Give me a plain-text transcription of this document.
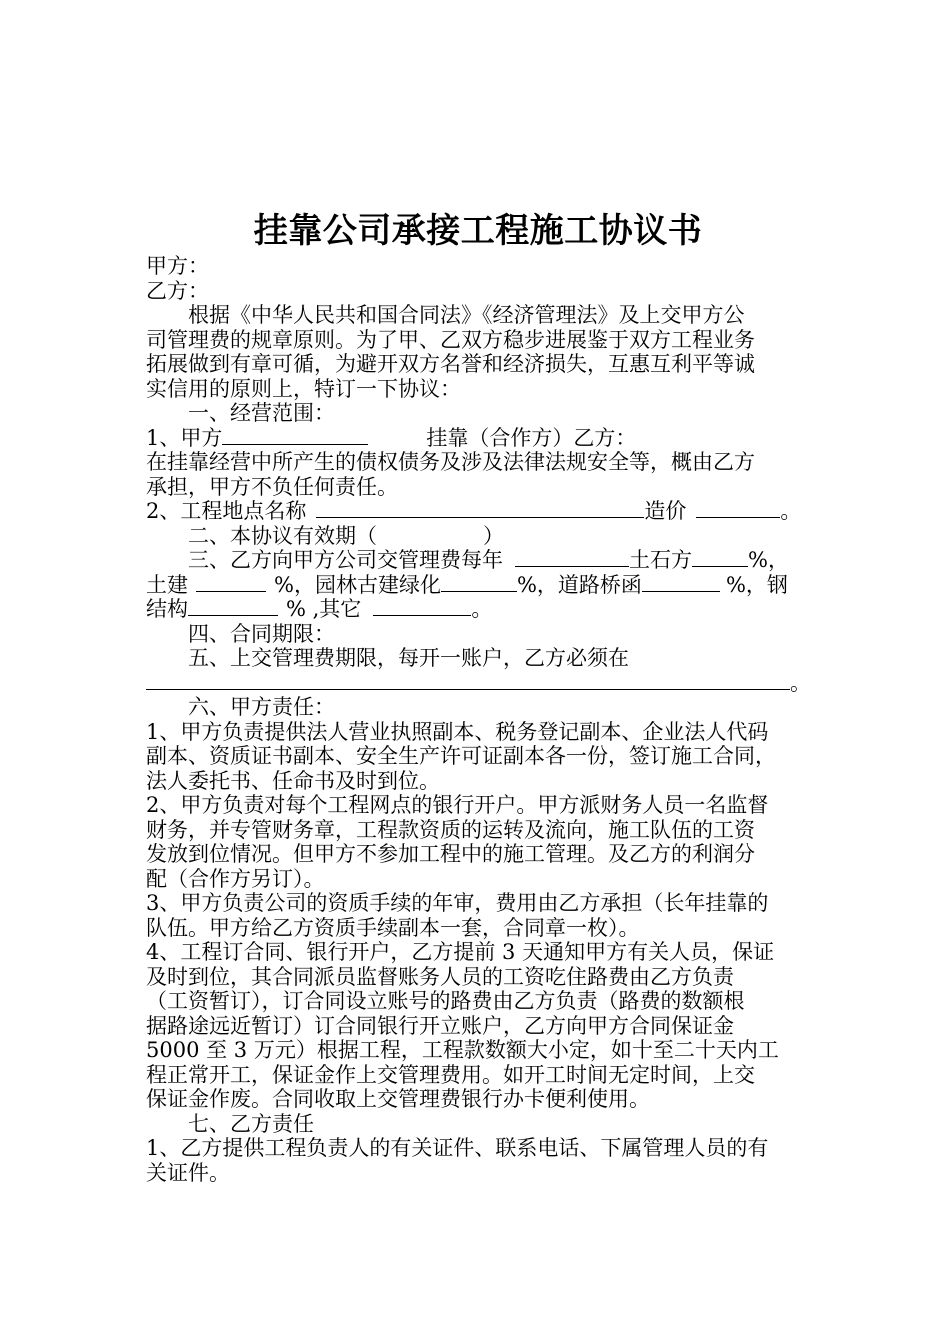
挂靠公司承接工程施工协议书
甲方：
乙方：
根据《中华人民共和国合同法》《经济管理法》及上交甲方公
司管理费的规章原则。为了甲、乙双方稳步进展鉴于双方工程业务
拓展做到有章可循，为避开双方名誉和经济损失，互惠互利平等诚
实信用的原则上，特订一下协议：
一、经营范围：
1、甲方	挂靠（合作方）乙方：
在挂靠经营中所产生的债权债务及涉及法律法规安全等，概由乙方
承担，甲方不负任何责任。
2、工程地点名称	造价	。
二、本协议有效期（	）
三、乙方向甲方公司交管理费每年	土石方	%，
土建	%，园林古建绿化	%，道路桥函	%，钢
结构	% ,其它	。
四、合同期限：
五、上交管理费期限，每开一账户，乙方必须在
。
六、甲方责任：
1、甲方负责提供法人营业执照副本、税务登记副本、企业法人代码
副本、资质证书副本、安全生产许可证副本各一份，签订施工合同，
法人委托书、任命书及时到位。
2、甲方负责对每个工程网点的银行开户。甲方派财务人员一名监督
财务，并专管财务章，工程款资质的运转及流向，施工队伍的工资
发放到位情况。但甲方不参加工程中的施工管理。及乙方的利润分
配（合作方另订）。
3、甲方负责公司的资质手续的年审，费用由乙方承担（长年挂靠的
队伍。甲方给乙方资质手续副本一套，合同章一枚）。
4、工程订合同、银行开户，乙方提前 3 天通知甲方有关人员，保证
及时到位，其合同派员监督账务人员的工资吃住路费由乙方负责
（工资暂订），订合同设立账号的路费由乙方负责（路费的数额根
据路途远近暂订）订合同银行开立账户，乙方向甲方合同保证金
5000 至 3 万元）根据工程，工程款数额大小定，如十至二十天内工
程正常开工，保证金作上交管理费用。如开工时间无定时间，上交
保证金作废。合同收取上交管理费银行办卡便利使用。
七、乙方责任
1、乙方提供工程负责人的有关证件、联系电话、下属管理人员的有
关证件。
